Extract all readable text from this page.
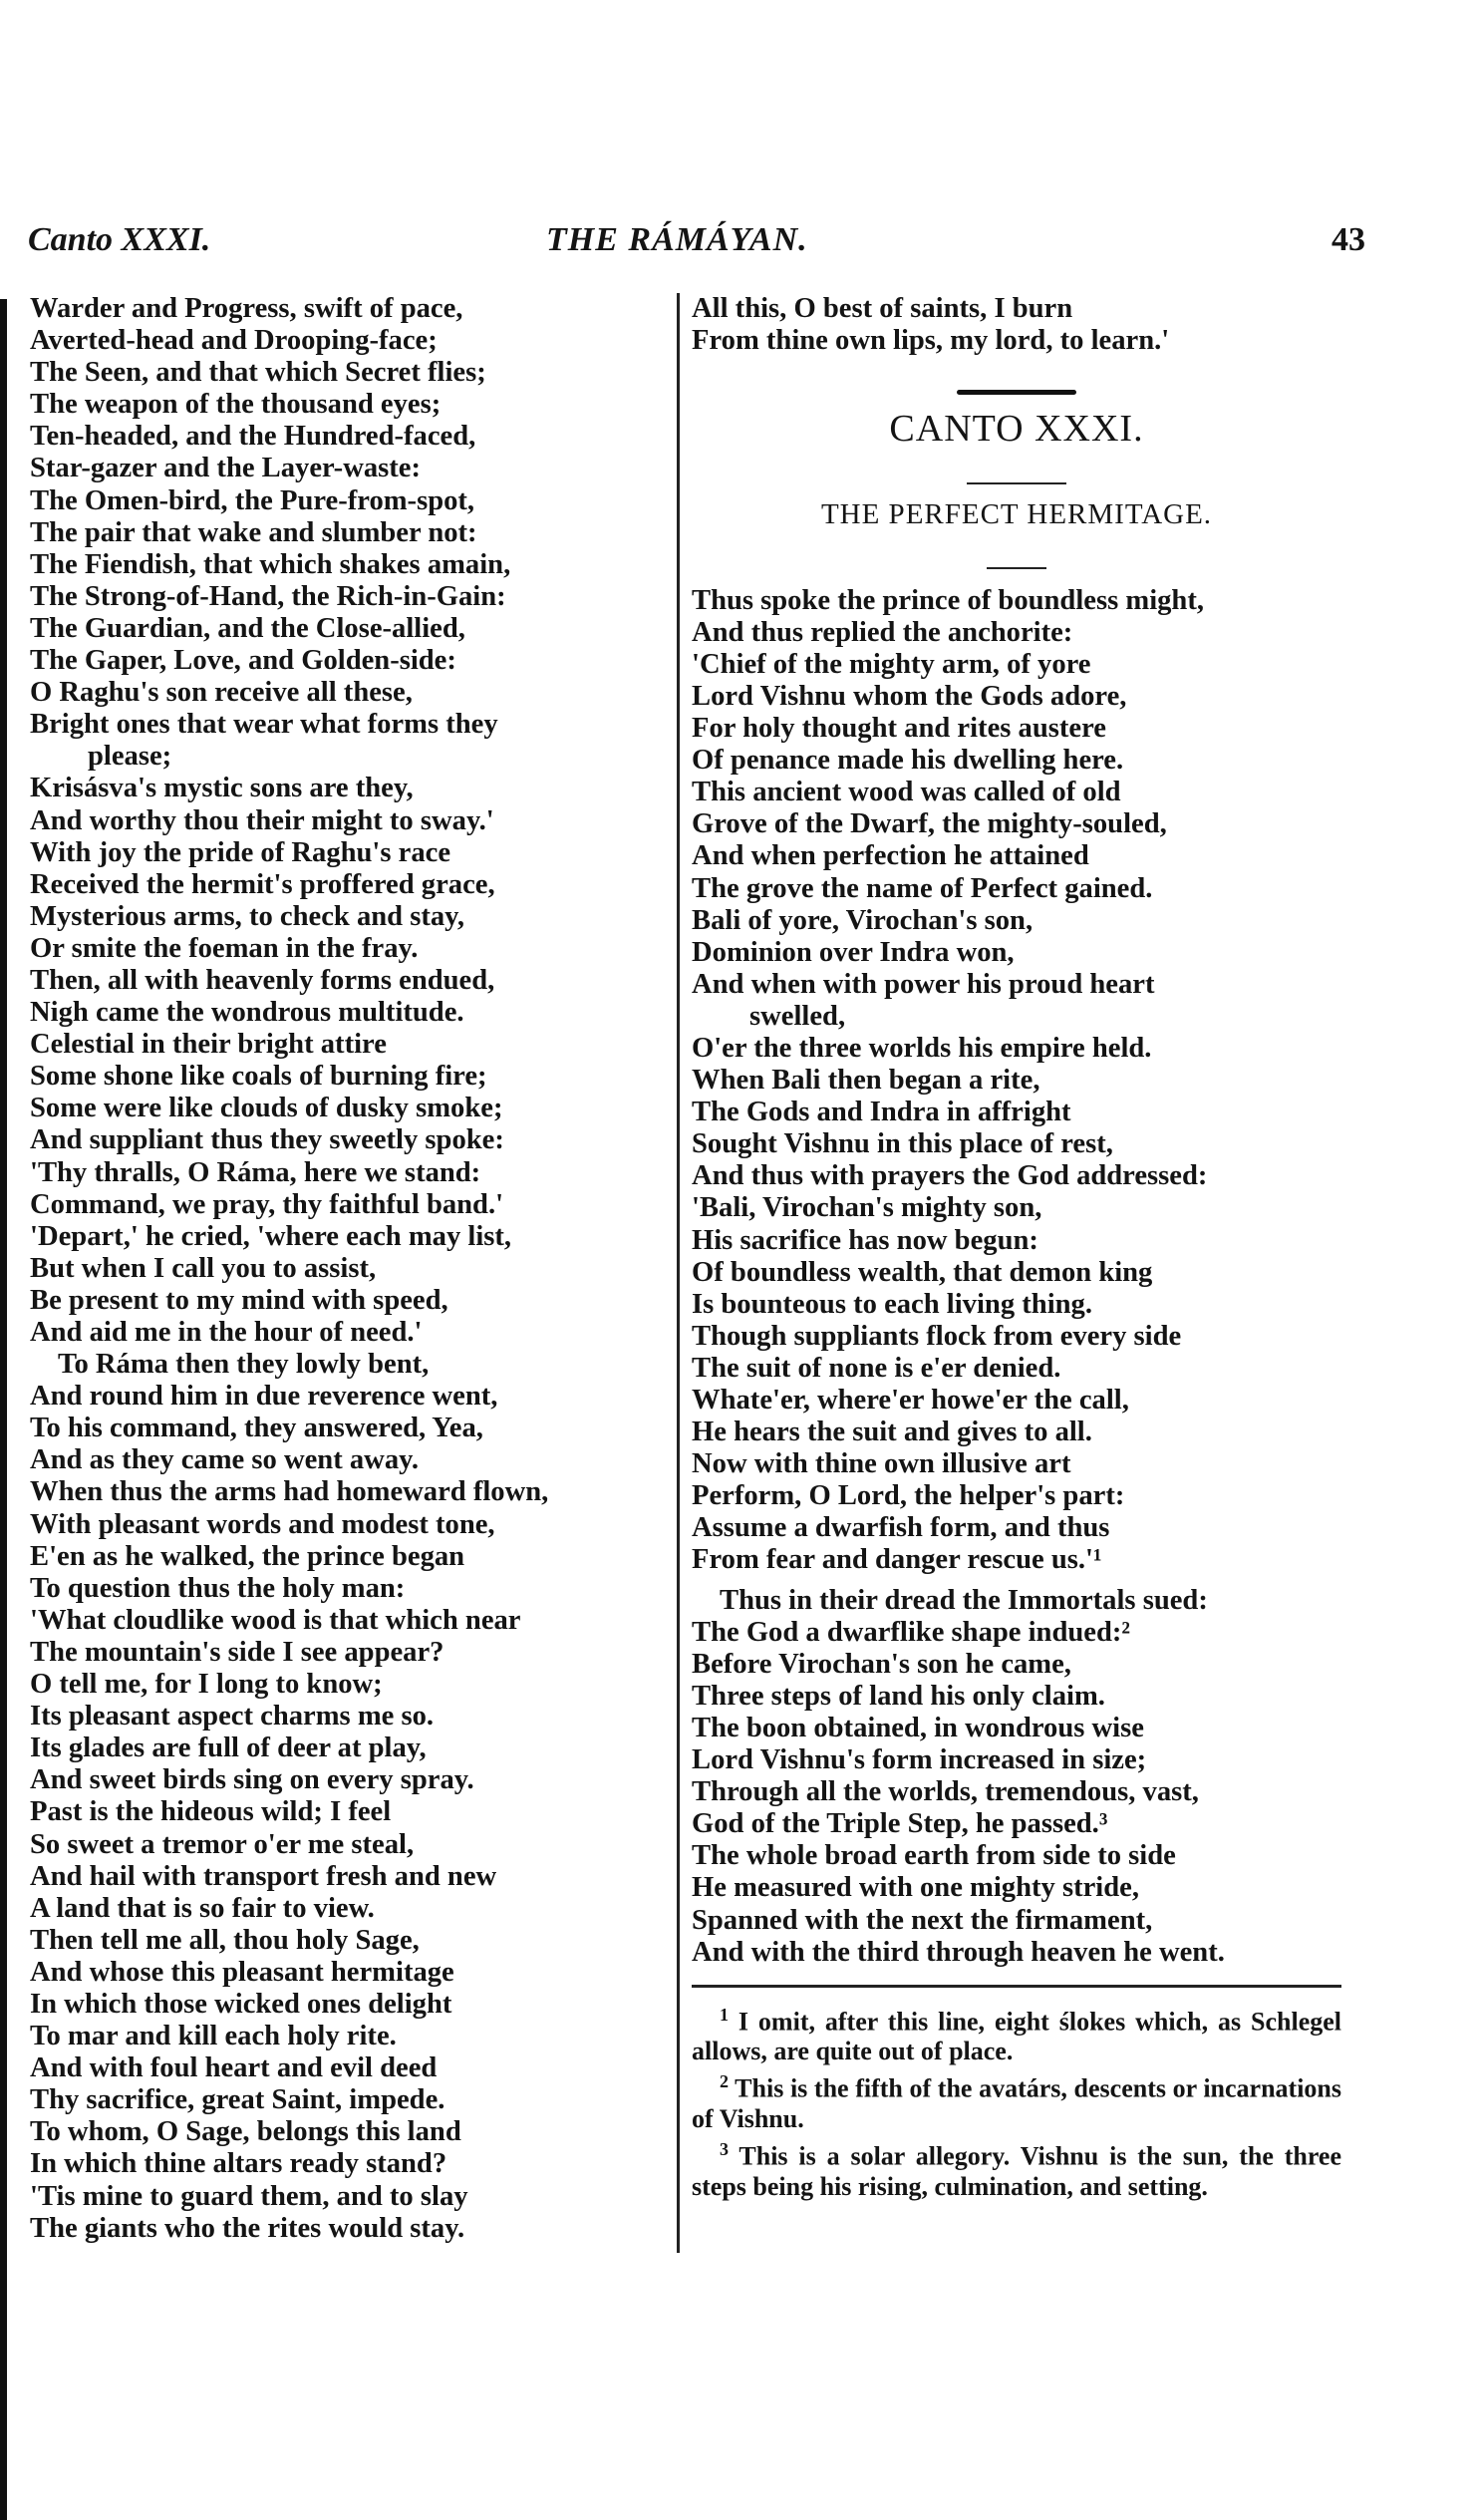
Canto XXXI.	THE RÁMÁYAN.	43
Warder and Progress, swift of pace,
Averted-head and Drooping-face;
The Seen, and that which Secret flies;
The weapon of the thousand eyes;
Ten-headed, and the Hundred-faced,
Star-gazer and the Layer-waste:
The Omen-bird, the Pure-from-spot,
The pair that wake and slumber not:
The Fiendish, that which shakes amain,
The Strong-of-Hand, the Rich-in-Gain:
The Guardian, and the Close-allied,
The Gaper, Love, and Golden-side:
O Raghu's son receive all these,
Bright ones that wear what forms they
please;
Krisásva's mystic sons are they,
And worthy thou their might to sway.'
With joy the pride of Raghu's race
Received the hermit's proffered grace,
Mysterious arms, to check and stay,
Or smite the foeman in the fray.
Then, all with heavenly forms endued,
Nigh came the wondrous multitude.
Celestial in their bright attire
Some shone like coals of burning fire;
Some were like clouds of dusky smoke;
And suppliant thus they sweetly spoke:
'Thy thralls, O Ráma, here we stand:
Command, we pray, thy faithful band.'
'Depart,' he cried, 'where each may list,
But when I call you to assist,
Be present to my mind with speed,
And aid me in the hour of need.'
To Ráma then they lowly bent,
And round him in due reverence went,
To his command, they answered, Yea,
And as they came so went away.
When thus the arms had homeward flown,
With pleasant words and modest tone,
E'en as he walked, the prince began
To question thus the holy man:
'What cloudlike wood is that which near
The mountain's side I see appear?
O tell me, for I long to know;
Its pleasant aspect charms me so.
Its glades are full of deer at play,
And sweet birds sing on every spray.
Past is the hideous wild; I feel
So sweet a tremor o'er me steal,
And hail with transport fresh and new
A land that is so fair to view.
Then tell me all, thou holy Sage,
And whose this pleasant hermitage
In which those wicked ones delight
To mar and kill each holy rite.
And with foul heart and evil deed
Thy sacrifice, great Saint, impede.
To whom, O Sage, belongs this land
In which thine altars ready stand?
'Tis mine to guard them, and to slay
The giants who the rites would stay.
All this, O best of saints, I burn
From thine own lips, my lord, to learn.'
CANTO XXXI.
THE PERFECT HERMITAGE.
Thus spoke the prince of boundless might,
And thus replied the anchorite:
'Chief of the mighty arm, of yore
Lord Vishnu whom the Gods adore,
For holy thought and rites austere
Of penance made his dwelling here.
This ancient wood was called of old
Grove of the Dwarf, the mighty-souled,
And when perfection he attained
The grove the name of Perfect gained.
Bali of yore, Virochan's son,
Dominion over Indra won,
And when with power his proud heart
swelled,
O'er the three worlds his empire held.
When Bali then began a rite,
The Gods and Indra in affright
Sought Vishnu in this place of rest,
And thus with prayers the God addressed:
'Bali, Virochan's mighty son,
His sacrifice has now begun:
Of boundless wealth, that demon king
Is bounteous to each living thing.
Though suppliants flock from every side
The suit of none is e'er denied.
Whate'er, where'er howe'er the call,
He hears the suit and gives to all.
Now with thine own illusive art
Perform, O Lord, the helper's part:
Assume a dwarfish form, and thus
From fear and danger rescue us.'¹
Thus in their dread the Immortals sued:
The God a dwarflike shape indued:²
Before Virochan's son he came,
Three steps of land his only claim.
The boon obtained, in wondrous wise
Lord Vishnu's form increased in size;
Through all the worlds, tremendous, vast,
God of the Triple Step, he passed.³
The whole broad earth from side to side
He measured with one mighty stride,
Spanned with the next the firmament,
And with the third through heaven he went.

$^1$ I omit, after this line, eight ślokes which, as Schlegel allows, are quite out of place.

$^2$ This is the fifth of the avatárs, descents or incarnations of Vishnu.

$^3$ This is a solar allegory. Vishnu is the sun, the three steps being his rising, culmination, and setting.
